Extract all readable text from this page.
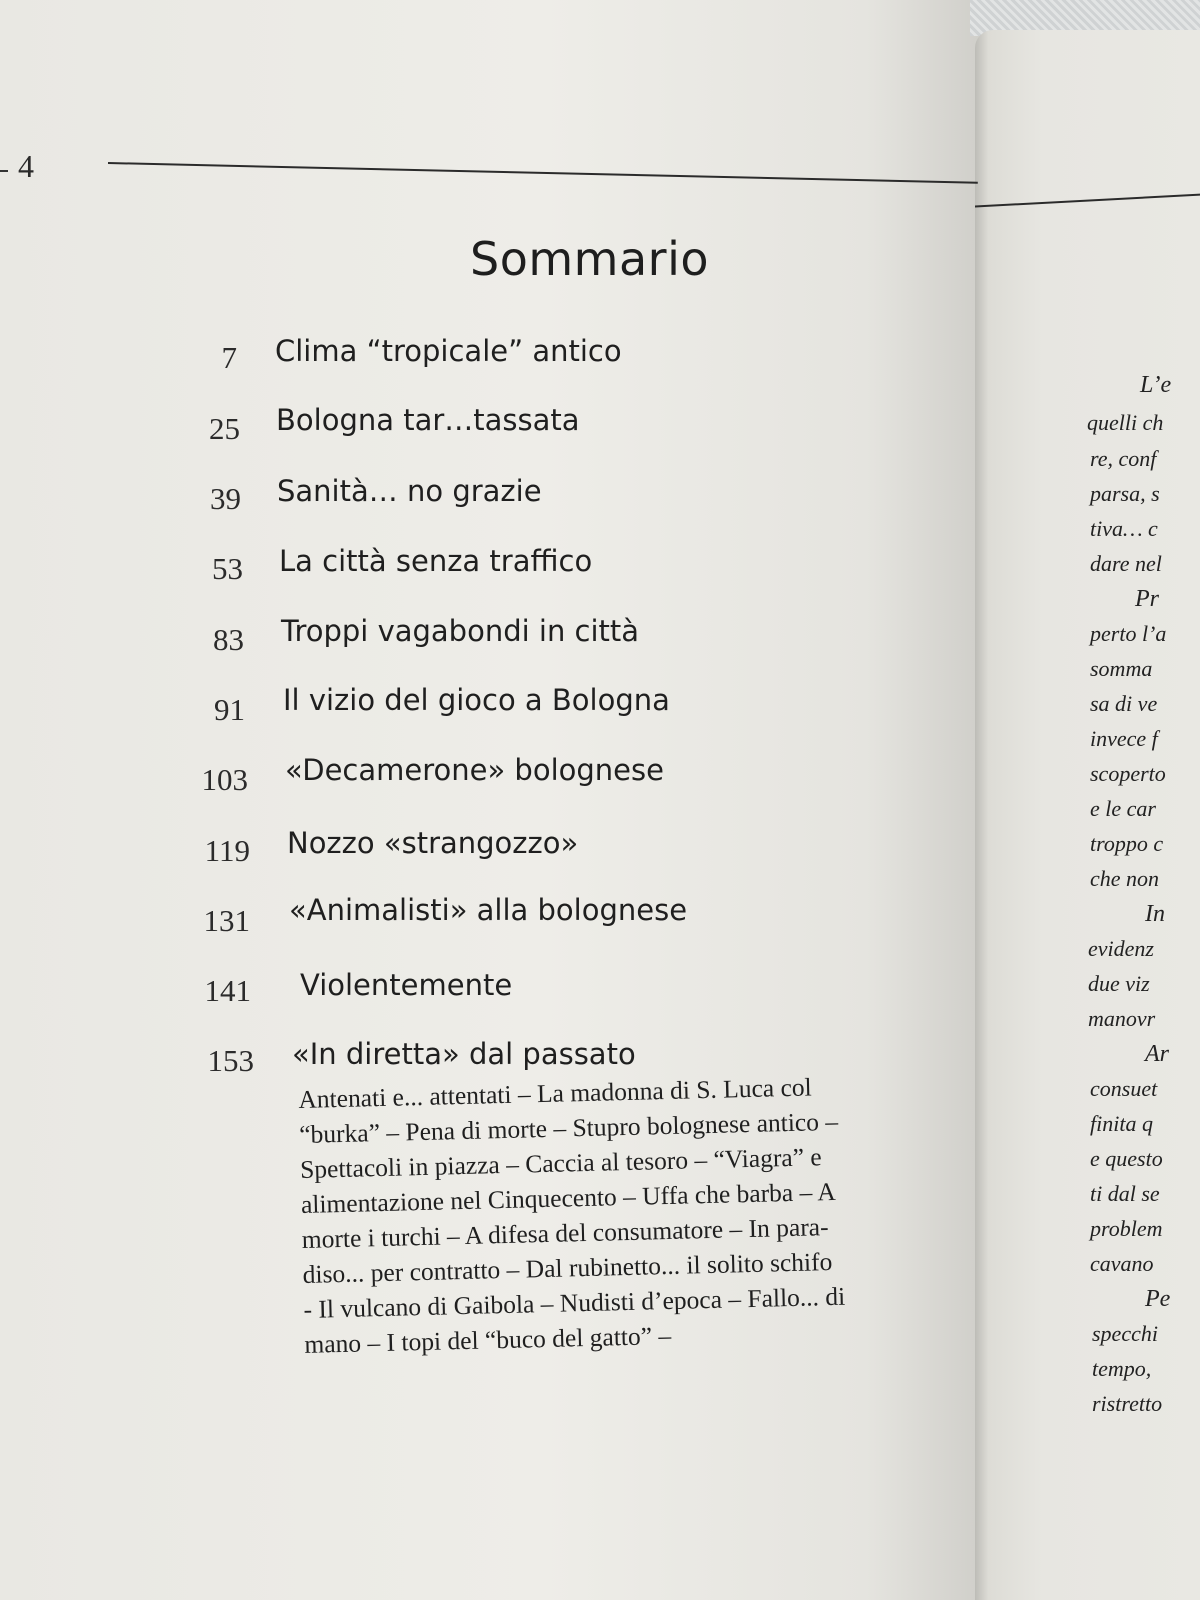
L’e
quelli ch
re, conf
parsa, s
tiva… c
dare nel
Pr
perto l’a
somma
sa di ve
invece f
scoperto
e le car
troppo c
che non
In
evidenz
due viz
manovr
Ar
consuet
finita q
e questo
ti dal se
problem
cavano
Pe
specchi
tempo,
ristretto

4
Sommario
7 Clima “tropicale” antico
25 Bologna tar…tassata
39 Sanità… no grazie
53 La città senza traffico
83 Troppi vagabondi in città
91 Il vizio del gioco a Bologna
103 «Decamerone» bolognese
119 Nozzo «strangozzo»
131 «Animalisti» alla bolognese
141 Violentemente
153 «In diretta» dal passato

Antenati e... attentati – La madonna di S. Luca col

“burka” – Pena di morte – Stupro bolognese antico –

Spettacoli in piazza – Caccia al tesoro – “Viagra” e

alimentazione nel Cinquecento – Uffa che barba – A

morte i turchi – A difesa del consumatore – In para-

diso... per contratto – Dal rubinetto... il solito schifo

- Il vulcano di Gaibola – Nudisti d’epoca – Fallo... di

mano – I topi del “buco del gatto” –
